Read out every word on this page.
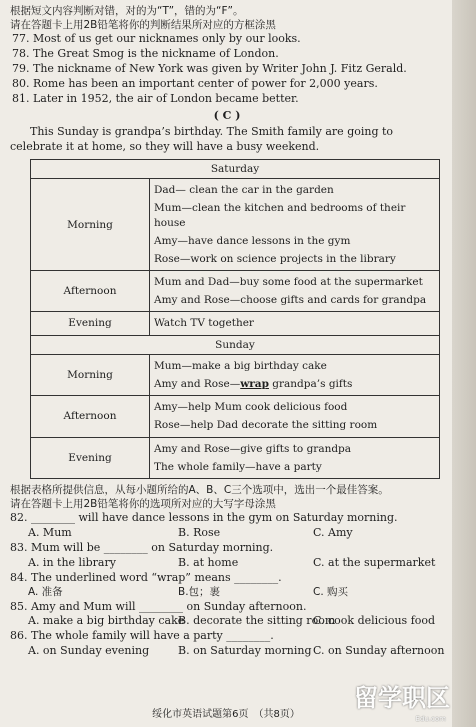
根据短文内容判断对错，对的为“T”，错的为“F”。
请在答题卡上用2B铅笔将你的判断结果所对应的方框涂黑
77. Most of us get our nicknames only by our looks.
78. The Great Smog is the nickname of London.
79. The nickname of New York was given by Writer John J. Fitz Gerald.
80. Rome has been an important center of power for 2,000 years.
81. Later in 1952, the air of London became better.
( C )
This Sunday is grandpa’s birthday. The Smith family are going to celebrate it at home, so they will have a busy weekend.
Saturday	
Morning	Dad— clean the car in the garden
Mum—clean the kitchen and bedrooms of their house
Amy—have dance lessons in the gym
Rose—work on science projects in the library

Afternoon	Mum and Dad—buy some food at the supermarket
Amy and Rose—choose gifts and cards for grandpa

Evening	Watch TV together

Sunday	
Morning	Mum—make a big birthday cake
Amy and Rose—wrap grandpa’s gifts

Afternoon	Amy—help Mum cook delicious food
Rose—help Dad decorate the sitting room

Evening	Amy and Rose—give gifts to grandpa
The whole family—have a party
根据表格所提供信息，从每小题所给的A、B、C三个选项中，选出一个最佳答案。
请在答题卡上用2B铅笔将你的选项所对应的大写字母涂黑
82. ________ will have dance lessons in the gym on Saturday morning.
A. Mum	B. Rose	C. Amy
83. Mum will be ________ on Saturday morning.
A. in the library	B. at home	C. at the supermarket
84. The underlined word “wrap” means ________.
A. 准备	B.包；裹	C. 购买
85. Amy and Mum will ________ on Sunday afternoon.
A. make a big birthday cake
B. decorate the sitting room
C. cook delicious food
86. The whole family will have a party ________.
A. on Sunday evening	B. on Saturday morning C. on Sunday afternoon
绥化市英语试题第6页　（共8页）
留学职区
Edu.com
